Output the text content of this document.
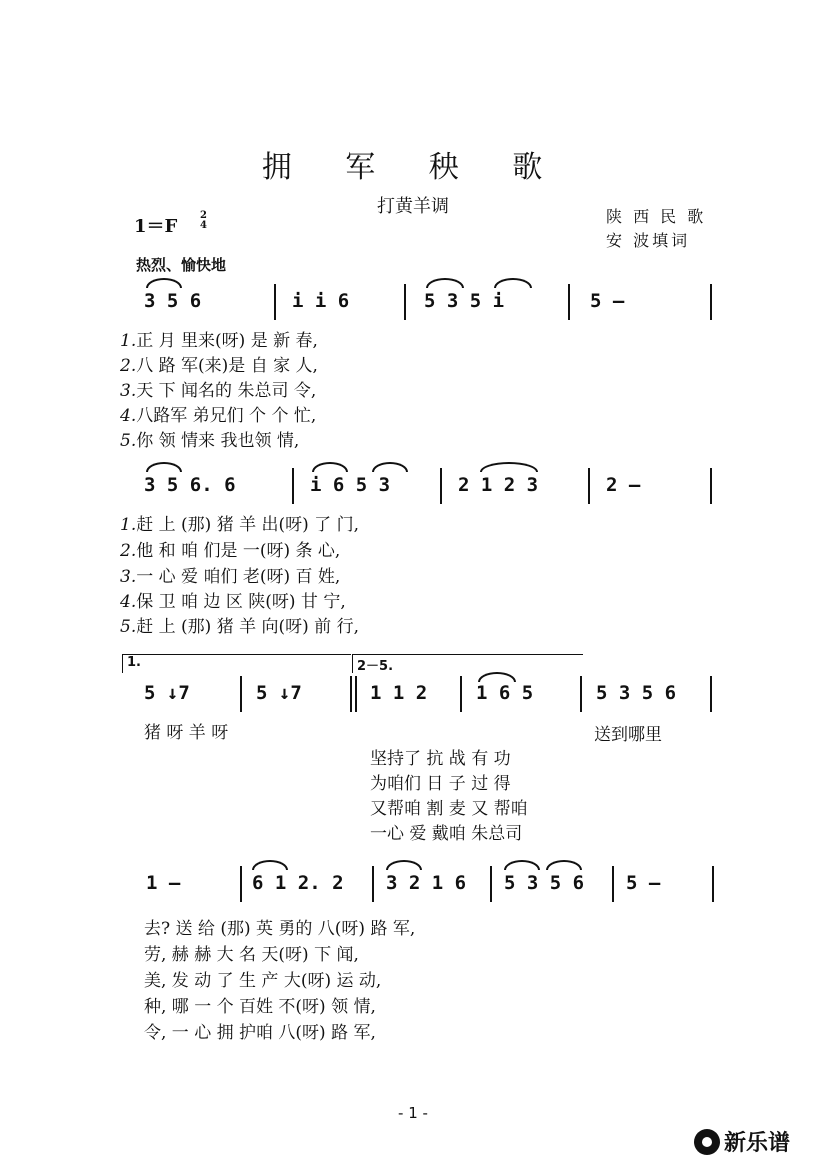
拥 军 秧 歌
打黄羊调	陕 西 民 歌
安 波填词
1＝F
2
4
热烈、愉快地
3 5 6	i i 6	5 3 5 i	5 –
1.正 月 里来(呀) 是 新 春,
2.八 路 军(来)是 自 家 人,
3.天 下 闻名的 朱总司 令,
4.八路军 弟兄们 个 个 忙,
5.你 领 情来 我也领 情,
3 5 6. 6	i 6 5 3	2 1 2 3	2 –
1.赶 上 (那) 猪 羊 出(呀) 了 门,
2.他 和 咱 们是 一(呀) 条 心,
3.一 心 爱 咱们 老(呀) 百 姓,
4.保 卫 咱 边 区 陕(呀) 甘 宁,
5.赶 上 (那) 猪 羊 向(呀) 前 行,
1.	2－5.
5 ↓7	5 ↓7	1 1 2	1 6 5	5 3 5 6
猪 呀 羊 呀	送到哪里
坚持了 抗 战 有 功
为咱们 日 子 过 得
又帮咱 割 麦 又 帮咱
一心 爱 戴咱 朱总司
1 –	6 1 2. 2 3 2 1 6 5 3 5 6 5 –
去? 送 给 (那) 英 勇的 八(呀) 路 军,
劳, 赫 赫 大 名 天(呀) 下 闻,
美, 发 动 了 生 产 大(呀) 运 动,
种, 哪 一 个 百姓 不(呀) 领 情,
令, 一 心 拥 护咱 八(呀) 路 军,
- 1 -
新乐谱
